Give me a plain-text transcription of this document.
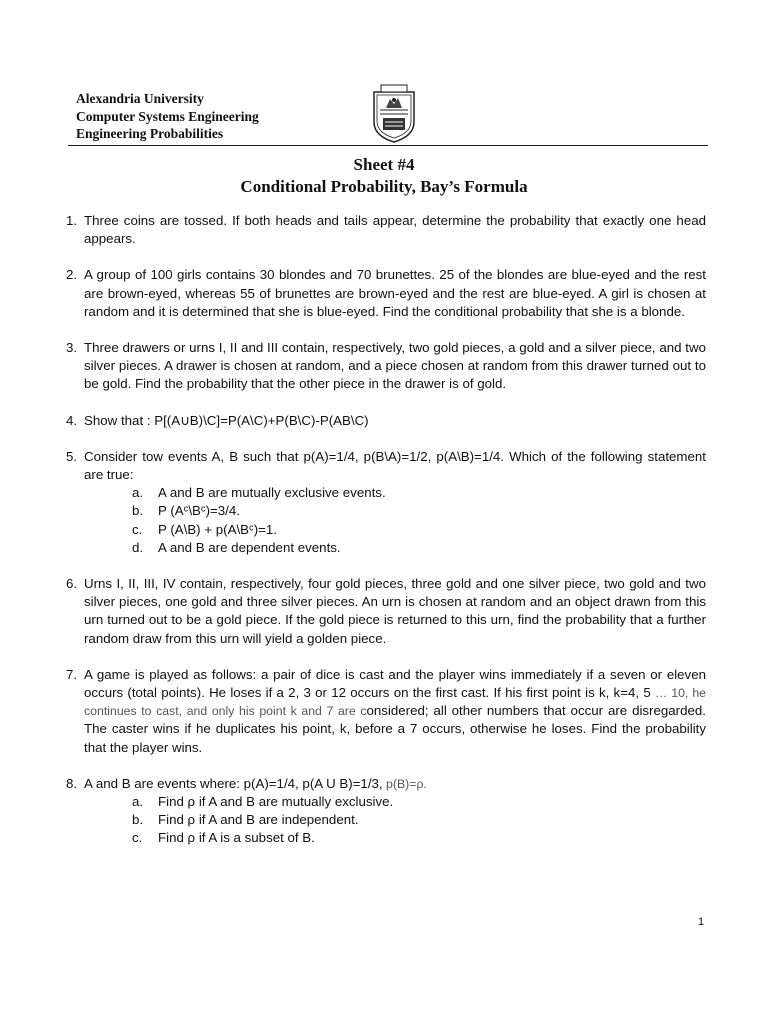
Alexandria University
Computer Systems Engineering
Engineering Probabilities
Sheet #4
Conditional Probability, Bay’s Formula
1. Three coins are tossed. If both heads and tails appear, determine the probability that exactly one head appears.
2. A group of 100 girls contains 30 blondes and 70 brunettes. 25 of the blondes are blue-eyed and the rest are brown-eyed, whereas 55 of brunettes are brown-eyed and the rest are blue-eyed. A girl is chosen at random and it is determined that she is blue-eyed. Find the conditional probability that she is a blonde.
3. Three drawers or urns I, II and III contain, respectively, two gold pieces, a gold and a silver piece, and two silver pieces. A drawer is chosen at random, and a piece chosen at random from this drawer turned out to be gold. Find the probability that the other piece in the drawer is of gold.
4. Show that : P[(A∪B)\C]=P(A\C)+P(B\C)-P(AB\C)
5. Consider tow events A, B such that p(A)=1/4, p(B\A)=1/2, p(A\B)=1/4. Which of the following statement are true:
a.	A and B are mutually exclusive events.
b.	P (Aᶜ\Bᶜ)=3/4.
c.	P (A\B) + p(A\Bᶜ)=1.
d.	A and B are dependent events.
6. Urns I, II, III, IV contain, respectively, four gold pieces, three gold and one silver piece, two gold and two silver pieces, one gold and three silver pieces. An urn is chosen at random and an object drawn from this urn turned out to be a gold piece. If the gold piece is returned to this urn, find the probability that a further random draw from this urn will yield a golden piece.
7. A game is played as follows: a pair of dice is cast and the player wins immediately if a seven or eleven occurs (total points). He loses if a 2, 3 or 12 occurs on the first cast. If his first point is k, k=4, 5 … 10, he continues to cast, and only his point k and 7 are considered; all other numbers that occur are disregarded. The caster wins if he duplicates his point, k, before a 7 occurs, otherwise he loses. Find the probability that the player wins.
8. A and B are events where: p(A)=1/4, p(A U B)=1/3, p(B)=ρ.
a.	Find ρ if A and B are mutually exclusive.
b.	Find ρ if A and B are independent.
c.	Find ρ if A is a subset of B.
1
